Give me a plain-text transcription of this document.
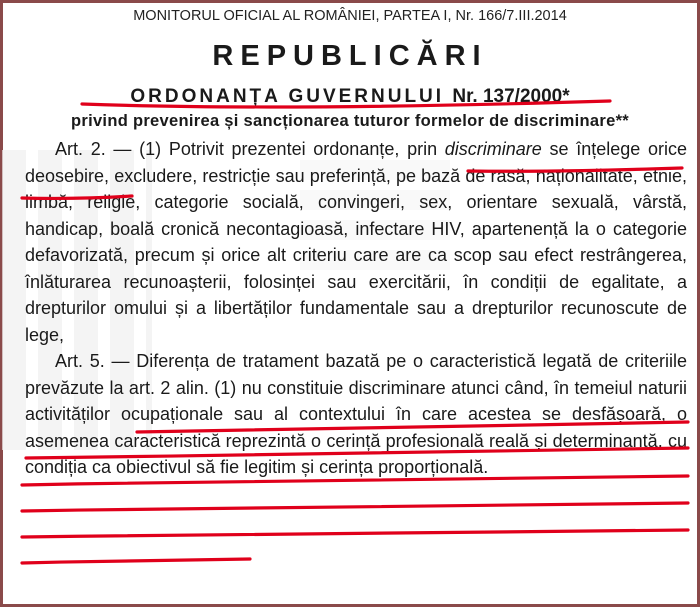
MONITORUL OFICIAL AL ROMÂNIEI, PARTEA I, Nr. 166/7.III.2014
REPUBLICĂRI
ORDONANȚA GUVERNULUI Nr. 137/2000*
privind prevenirea și sancționarea tuturor formelor de discriminare**

Art. 2. — (1) Potrivit prezentei ordonanțe, prin discriminare se înțelege orice deosebire, excludere, restricție sau preferință, pe bază de rasă, naționalitate, etnie, limbă, religie, categorie socială, convingeri, sex, orientare sexuală, vârstă, handicap, boală cronică necontagioasă, infectare HIV, apartenență la o categorie defavorizată, precum și orice alt criteriu care are ca scop sau efect restrângerea, înlăturarea recunoașterii, folosinței sau exercitării, în condiții de egalitate, a drepturilor omului și a libertăților fundamentale sau a drepturilor recunoscute de lege,

Art. 5. — Diferența de tratament bazată pe o caracteristică legată de criteriile prevăzute la art. 2 alin. (1) nu constituie discriminare atunci când, în temeiul naturii activităților ocupaționale sau al contextului în care acestea se desfășoară, o asemenea caracteristică reprezintă o cerință profesională reală și determinantă, cu condiția ca obiectivul să fie legitim și cerința proporțională.
